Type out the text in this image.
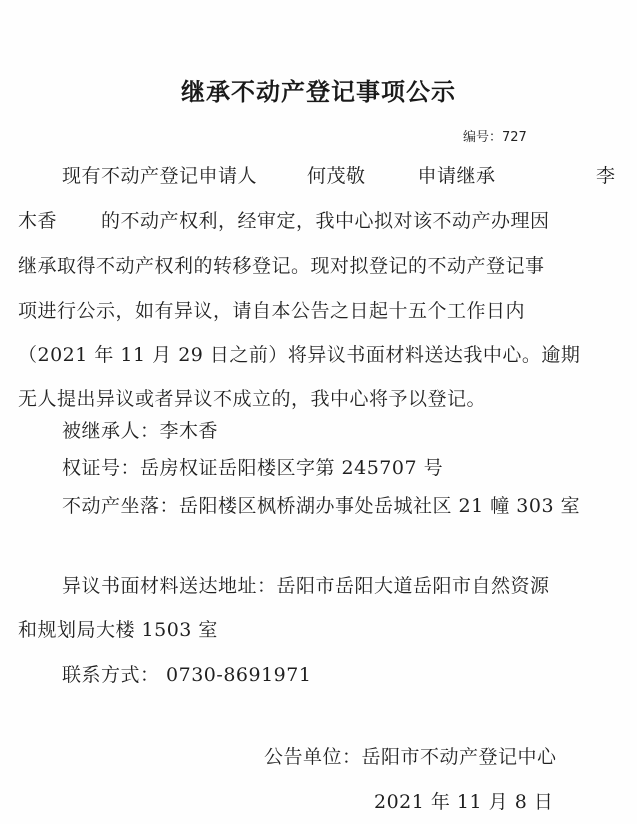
继承不动产登记事项公示
编号：727
现有不动产登记申请人	何茂敬	申请继承	李
木香 的不动产权利，经审定，我中心拟对该不动产办理因
继承取得不动产权利的转移登记。现对拟登记的不动产登记事
项进行公示，如有异议，请自本公告之日起十五个工作日内
（2021 年 11 月 29 日之前）将异议书面材料送达我中心。逾期
无人提出异议或者异议不成立的，我中心将予以登记。
被继承人：李木香
权证号：岳房权证岳阳楼区字第 245707 号
不动产坐落：岳阳楼区枫桥湖办事处岳城社区 21 幢 303 室
异议书面材料送达地址：岳阳市岳阳大道岳阳市自然资源
和规划局大楼 1503 室
联系方式： 0730-8691971
公告单位：岳阳市不动产登记中心
2021 年 11 月 8 日
